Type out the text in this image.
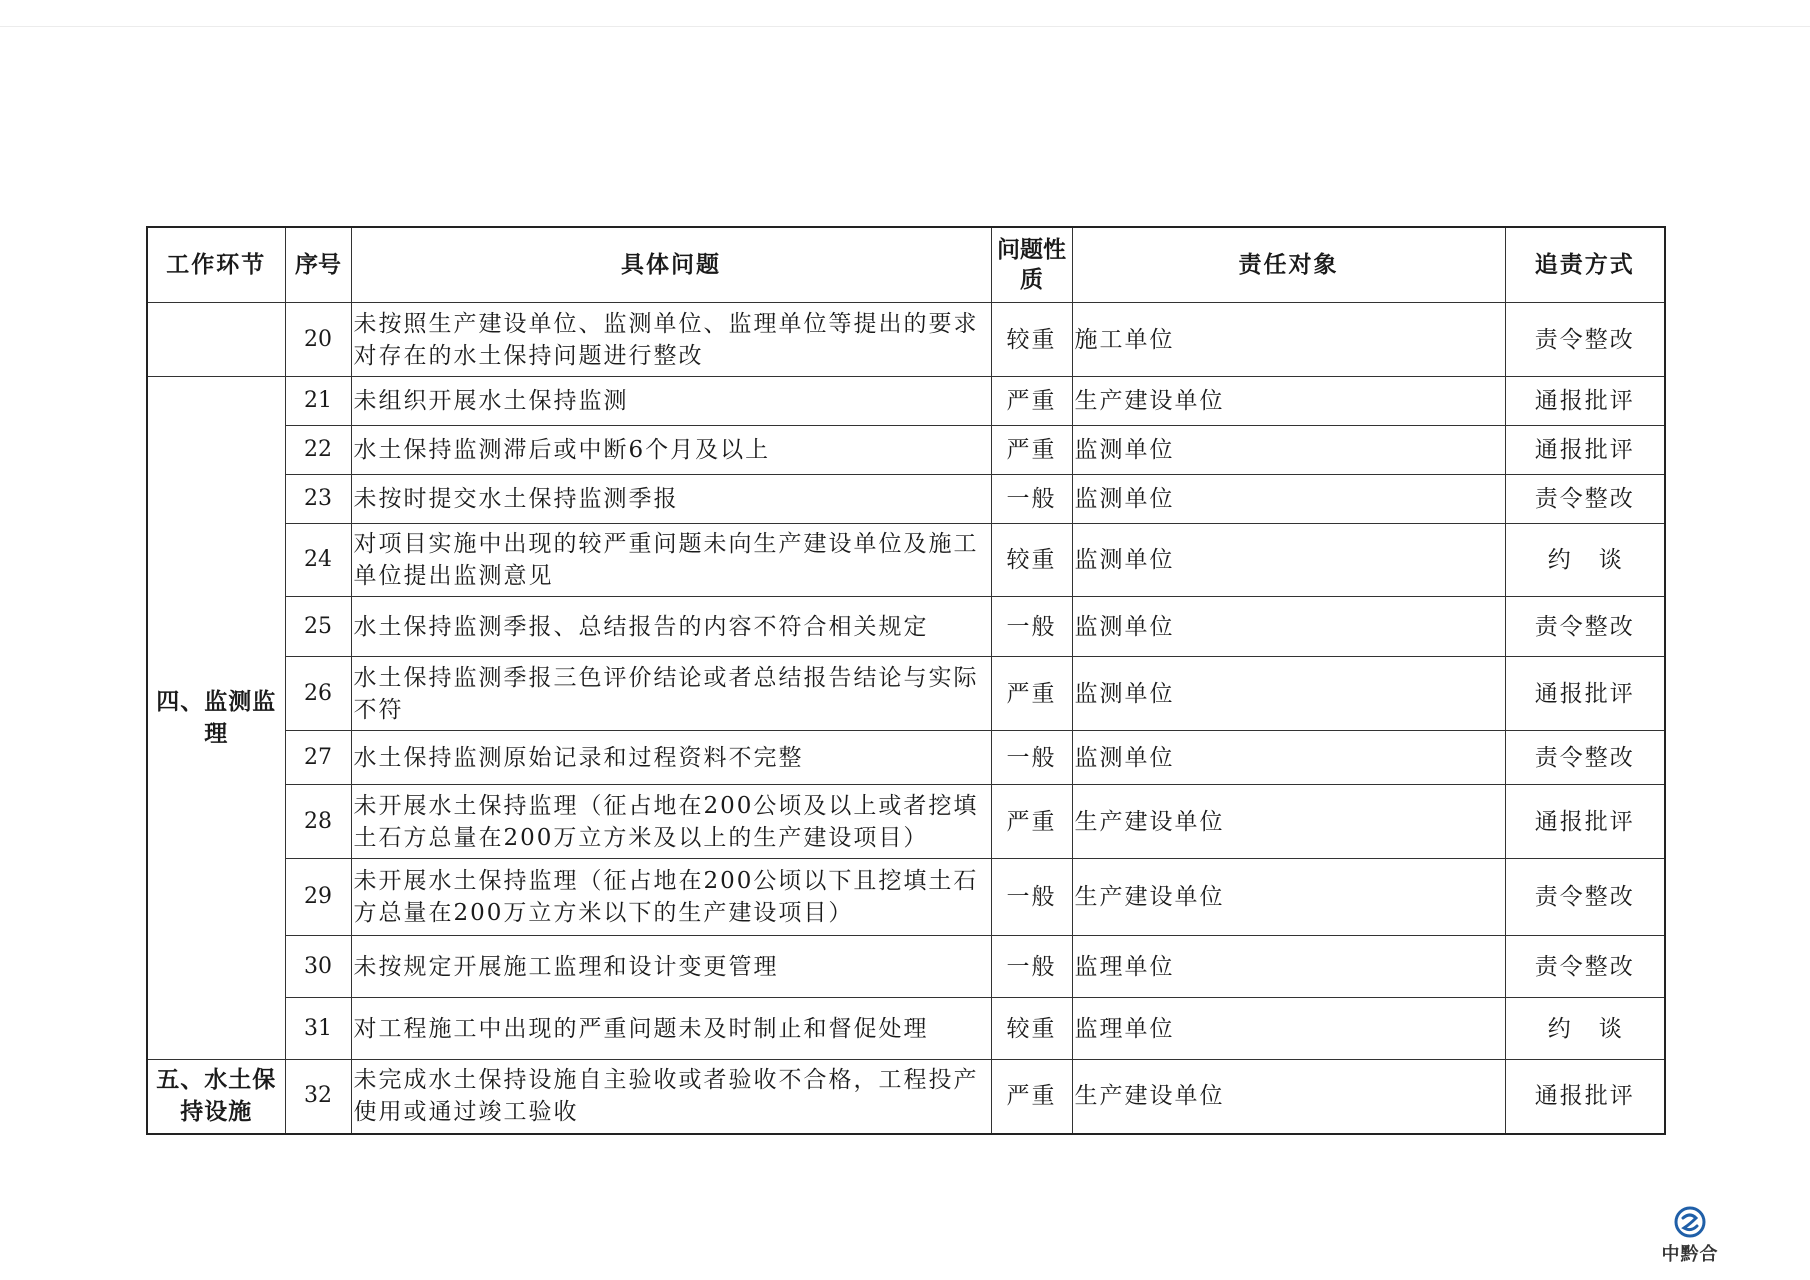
工作环节	序号	具体问题	问题性质	责任对象	追责方式
	20	未按照生产建设单位、监测单位、监理单位等提出的要求对存在的水土保持问题进行整改	较重	施工单位	责令整改
四、监测监理	21	未组织开展水土保持监测	严重	生产建设单位	通报批评
	22	水土保持监测滞后或中断6个月及以上	严重	监测单位	通报批评
	23	未按时提交水土保持监测季报	一般	监测单位	责令整改
	24	对项目实施中出现的较严重问题未向生产建设单位及施工单位提出监测意见	较重	监测单位	约谈
	25	水土保持监测季报、总结报告的内容不符合相关规定	一般	监测单位	责令整改
	26	水土保持监测季报三色评价结论或者总结报告结论与实际不符	严重	监测单位	通报批评
	27	水土保持监测原始记录和过程资料不完整	一般	监测单位	责令整改
	28	未开展水土保持监理（征占地在200公顷及以上或者挖填土石方总量在200万立方米及以上的生产建设项目）	严重	生产建设单位	通报批评
	29	未开展水土保持监理（征占地在200公顷以下且挖填土石方总量在200万立方米以下的生产建设项目）	一般	生产建设单位	责令整改
	30	未按规定开展施工监理和设计变更管理	一般	监理单位	责令整改
	31	对工程施工中出现的严重问题未及时制止和督促处理	较重	监理单位	约谈
五、水土保持设施	32	未完成水土保持设施自主验收或者验收不合格，工程投产使用或通过竣工验收	严重	生产建设单位	通报批评
中黔合
